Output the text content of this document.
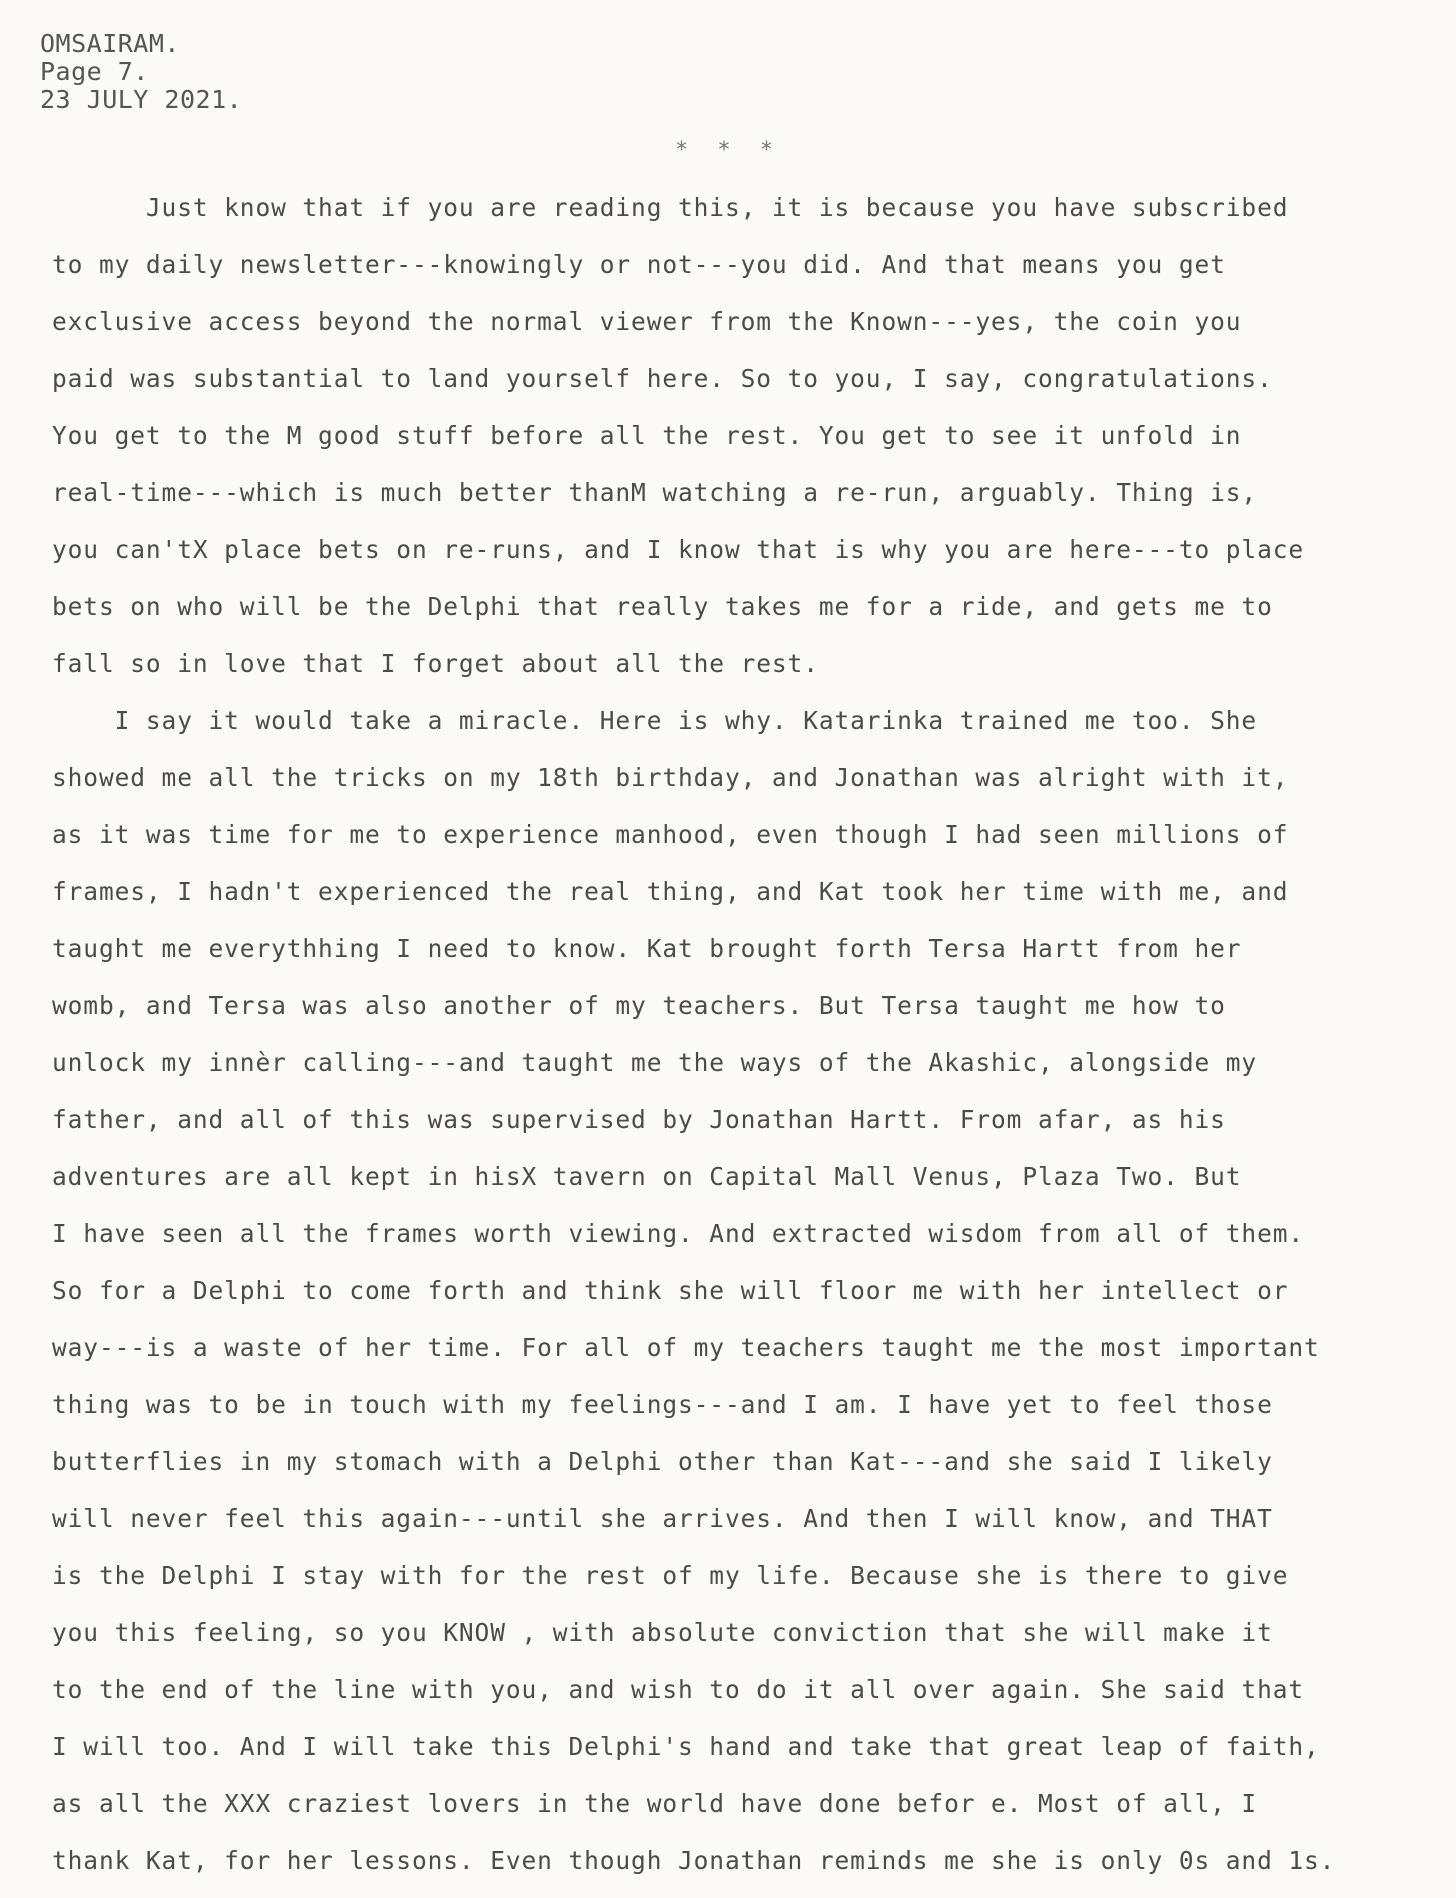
OMSAIRAM.
Page 7.
23 JULY 2021.
* * *
Just know that if you are reading this, it is because you have subscribed
to my daily newsletter---knowingly or not---you did. And that means you get
exclusive access beyond the normal viewer from the Known---yes, the coin you
paid was substantial to land yourself here. So to you, I say, congratulations.
You get to the M good stuff before all the rest. You get to see it unfold in
real-time---which is much better thanM watching a re-run, arguably. Thing is,
you can'tX place bets on re-runs, and I know that is why you are here---to place
bets on who will be the Delphi that really takes me for a ride, and gets me to
fall so in love that I forget about all the rest.
I say it would take a miracle. Here is why. Katarinka trained me too. She
showed me all the tricks on my 18th birthday, and Jonathan was alright with it,
as it was time for me to experience manhood, even though I had seen millions of
frames, I hadn't experienced the real thing, and Kat took her time with me, and
taught me everythhing I need to know. Kat brought forth Tersa Hartt from her
womb, and Tersa was also another of my teachers. But Tersa taught me how to
unlock my innèr calling---and taught me the ways of the Akashic, alongside my
father, and all of this was supervised by Jonathan Hartt. From afar, as his
adventures are all kept in hisX tavern on Capital Mall Venus, Plaza Two. But
I have seen all the frames worth viewing. And extracted wisdom from all of them.
So for a Delphi to come forth and think she will floor me with her intellect or
way---is a waste of her time. For all of my teachers taught me the most important
thing was to be in touch with my feelings---and I am. I have yet to feel those
butterflies in my stomach with a Delphi other than Kat---and she said I likely
will never feel this again---until she arrives. And then I will know, and THAT
is the Delphi I stay with for the rest of my life. Because she is there to give
you this feeling, so you KNOW , with absolute conviction that she will make it
to the end of the line with you, and wish to do it all over again. She said that
I will too. And I will take this Delphi's hand and take that great leap of faith,
as all the XXX craziest lovers in the world have done befor e. Most of all, I
thank Kat, for her lessons. Even though Jonathan reminds me she is only 0s and 1s.
